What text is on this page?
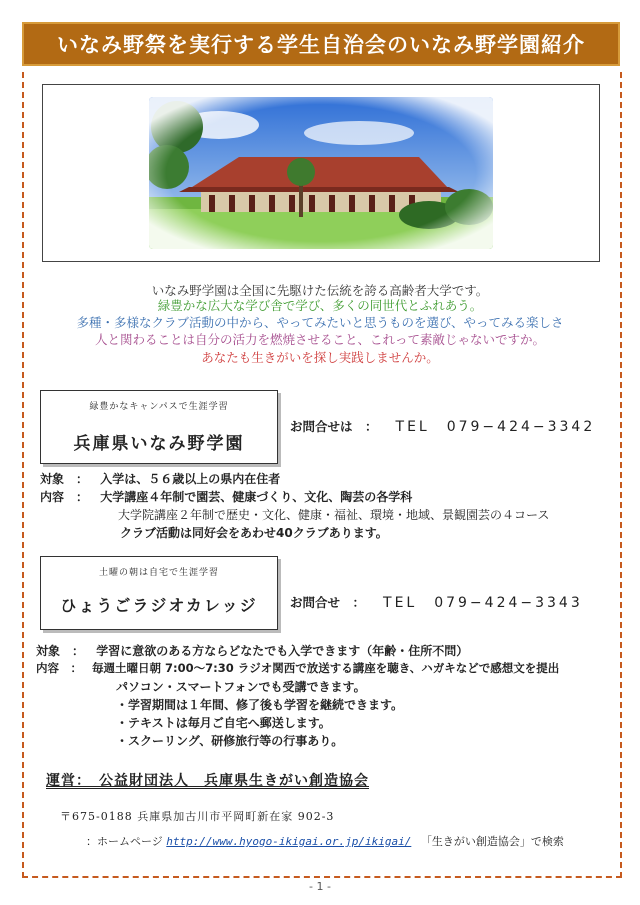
いなみ野祭を実行する学生自治会のいなみ野学園紹介
いなみ野学園は全国に先駆けた伝統を誇る高齢者大学です。
緑豊かな広大な学び舎で学び、多くの同世代とふれあう。
多種・多様なクラブ活動の中から、やってみたいと思うものを選び、やってみる楽しさ
人と関わることは自分の活力を燃焼させること、これって素敵じゃないですか。
あなたも生きがいを探し実践しませんか。
緑豊かなキャンパスで生涯学習
兵庫県いなみ野学園
お問合せは　： TEL　079−424−3342
対象　： 入学は、５６歳以上の県内在住者
内容　： 大学講座４年制で園芸、健康づくり、文化、陶芸の各学科
大学院講座２年制で歴史・文化、健康・福祉、環境・地域、景観園芸の４コース
クラブ活動は同好会をあわせ40クラブあります。
土曜の朝は自宅で生涯学習
ひょうごラジオカレッジ	お問合せ　： TEL　079−424−3343
対象　： 学習に意欲のある方ならどなたでも入学できます（年齢・住所不問）
内容　： 毎週土曜日朝 7:00〜7:30 ラジオ関西で放送する講座を聴き、ハガキなどで感想文を提出
パソコン・スマートフォンでも受講できます。
・学習期間は１年間、修了後も学習を継続できます。
・テキストは毎月ご自宅へ郵送します。
・スクーリング、研修旅行等の行事あり。
運営：　公益財団法人　兵庫県生きがい創造協会
〒675-0188 兵庫県加古川市平岡町新在家 902-3
：ホームページ http://www.hyogo-ikigai.or.jp/ikigai/ 「生きがい創造協会」で検索
- 1 -
